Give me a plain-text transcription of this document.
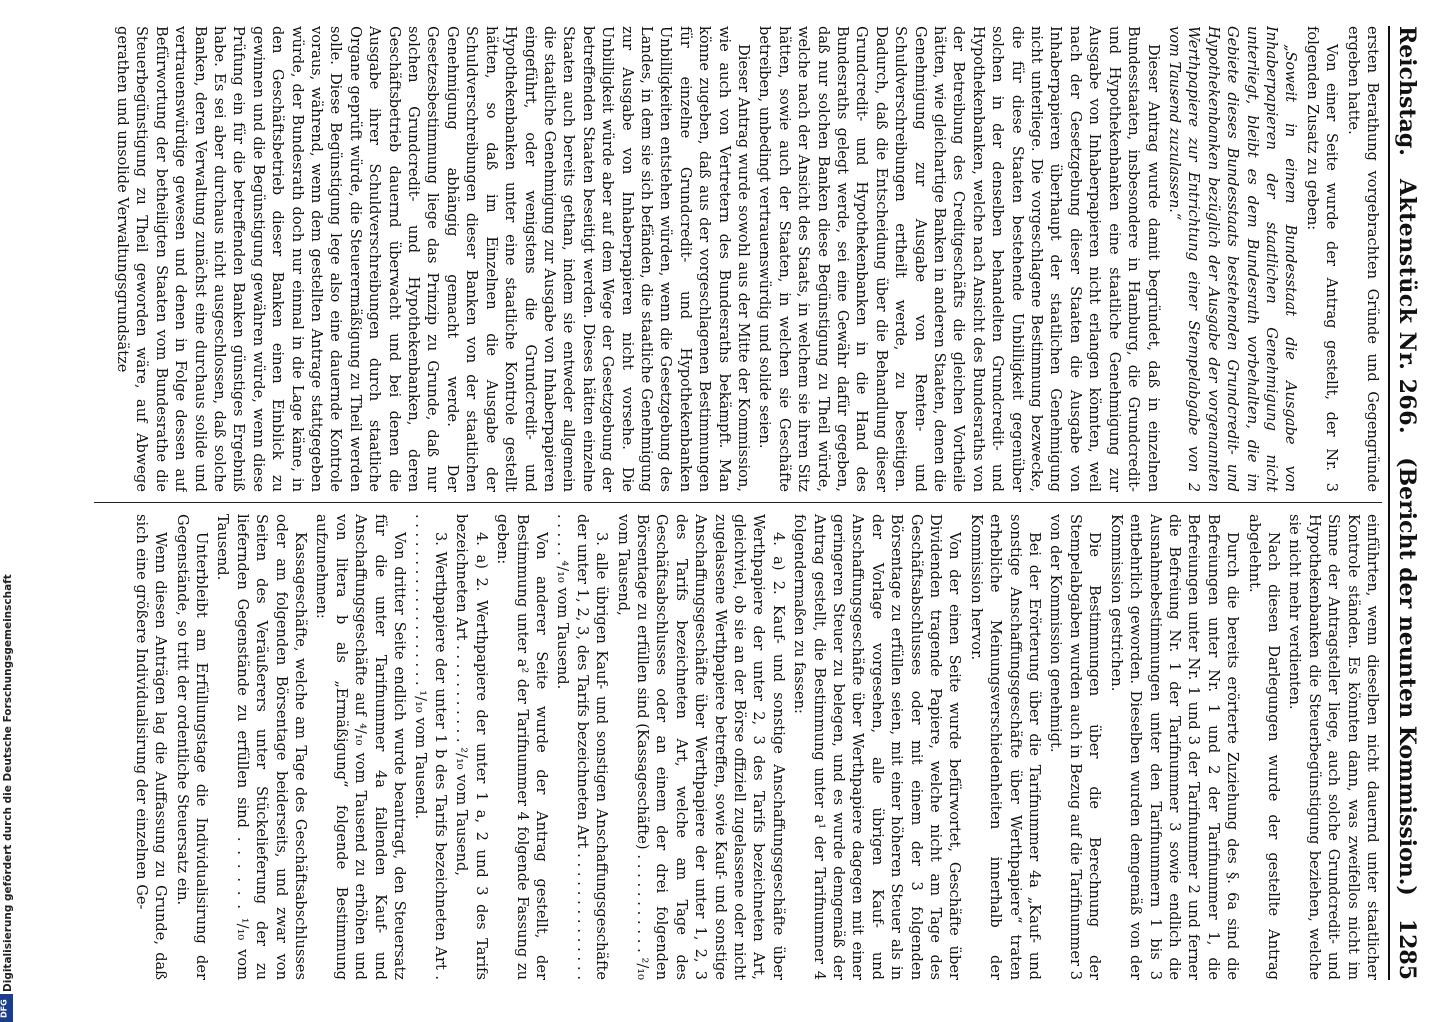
Reichstag.
Aktenstück Nr. 266.
(Bericht der neunten Kommission.)
1285

ersten Berathung vorgebrachten Gründe und Gegengründe ergeben hatte.

Von einer Seite wurde der Antrag gestellt, der Nr. 3 folgenden Zusatz zu geben:

„Soweit in einem Bundesstaat die Ausgabe von Inhaberpapieren der staatlichen Genehmigung nicht unterliegt, bleibt es dem Bundesrath vorbehalten, die im Gebiete dieses Bundesstaats bestehenden Grundcredit- und Hypothekenbanken bezüglich der Ausgabe der vorgenannten Werthpapiere zur Entrichtung einer Stempelabgabe von 2 vom Tausend zuzulassen.“

Dieser Antrag wurde damit begründet, daß in einzelnen Bundesstaaten, insbesondere in Hamburg, die Grundcredit- und Hypothekenbanken eine staatliche Genehmigung zur Ausgabe von Inhaberpapieren nicht erlangen könnten, weil nach der Gesetzgebung dieser Staaten die Ausgabe von Inhaberpapieren überhaupt der staatlichen Genehmigung nicht unterliege. Die vorgeschlagene Bestimmung bezwecke, die für diese Staaten bestehende Unbilligkeit gegenüber solchen in der denselben behandelten Grundcredit- und Hypothekenbanken, welche nach Ansicht des Bundesraths von der Betreibung des Creditgeschäfts die gleichen Vortheile hätten, wie gleichartige Banken in anderen Staaten, denen die Genehmigung zur Ausgabe von Renten- und Schuldverschreibungen ertheilt werde, zu beseitigen. Dadurch, daß die Entscheidung über die Behandlung dieser Grundcredit- und Hypothekenbanken in die Hand des Bundesraths gelegt werde, sei eine Gewähr dafür gegeben, daß nur solchen Banken diese Begünstigung zu Theil würde, welche nach der Ansicht des Staats, in welchem sie ihren Sitz hätten, sowie auch der Staaten, in welchen sie Geschäfte betreiben, unbedingt vertrauenswürdig und solide seien.

Dieser Antrag wurde sowohl aus der Mitte der Kommission, wie auch von Vertretern des Bundesraths bekämpft. Man könne zugeben, daß aus der vorgeschlagenen Bestimmungen für einzelne Grundcredit- und Hypothekenbanken Unbilligkeiten entstehen würden, wenn die Gesetzgebung des Landes, in dem sie sich befänden, die staatliche Genehmigung zur Ausgabe von Inhaberpapieren nicht vorsehe. Die Unbilligkeit würde aber auf dem Wege der Gesetzgebung der betreffenden Staaten beseitigt werden. Dieses hätten einzelne Staaten auch bereits gethan, indem sie entweder allgemein die staatliche Genehmigung zur Ausgabe von Inhaberpapieren eingeführt, oder wenigstens die Grundcredit- und Hypothekenbanken unter eine staatliche Kontrole gestellt hätten, so daß im Einzelnen die Ausgabe der Schuldverschreibungen dieser Banken von der staatlichen Genehmigung abhängig gemacht werde. Der Gesetzesbestimmung liege das Prinzip zu Grunde, daß nur solchen Grundcredit- und Hypothekenbanken, deren Geschäftsbetrieb dauernd überwacht und bei denen die Ausgabe ihrer Schuldverschreibungen durch staatliche Organe geprüft würde, die Steuerermäßigung zu Theil werden solle. Diese Begünstigung lege also eine dauernde Kontrole voraus, während, wenn dem gestellten Antrage stattgegeben würde, der Bundesrath doch nur einmal in die Lage käme, in den Geschäftsbetrieb dieser Banken einen Einblick zu gewinnen und die Begünstigung gewähren würde, wenn diese Prüfung ein für die betreffenden Banken günstiges Ergebniß habe. Es sei aber durchaus nicht ausgeschlossen, daß solche Banken, deren Verwaltung zunächst eine durchaus solide und vertrauenswürdige gewesen und denen in Folge dessen auf Befürwortung der betheiligten Staaten vom Bundesrathe die Steuerbegünstigung zu Theil geworden wäre, auf Abwege gerathen und unsolide Verwaltungsgrundsätze

einführten, wenn dieselben nicht dauernd unter staatlicher Kontrole ständen. Es könnten dann, was zweifellos nicht im Sinne der Antragsteller liege, auch solche Grundcredit- und Hypothekenbanken die Steuerbegünstigung beziehen, welche sie nicht mehr verdienten.

Nach diesen Darlegungen wurde der gestellte Antrag abgelehnt.

Durch die bereits erörterte Zuziehung des §. 6a sind die Befreiungen unter Nr. 1 und 2 der Tarifnummer 1, die Befreiungen unter Nr. 1 und 3 der Tarifnummer 2 und ferner die Befreiung Nr. 1 der Tarifnummer 3 sowie endlich die Ausnahmebestimmungen unter den Tarifnummern 1 bis 3 entbehrlich geworden. Dieselben wurden demgemäß von der Kommission gestrichen.

Die Bestimmungen über die Berechnung der Stempelabgaben wurden auch in Bezug auf die Tarifnummer 3 von der Kommission genehmigt.

Bei der Erörterung über die Tarifnummer 4a „Kauf- und sonstige Anschaffungsgeschäfte über Werthpapiere“ traten erhebliche Meinungsverschiedenheiten innerhalb der Kommission hervor.

Von der einen Seite wurde befürwortet, Geschäfte über Dividenden tragende Papiere, welche nicht am Tage des Geschäftsabschlusses oder mit einem der 3 folgenden Börsentage zu erfüllen seien, mit einer höheren Steuer als in der Vorlage vorgesehen, alle übrigen Kauf- und Anschaffungsgeschäfte über Werthpapiere dagegen mit einer geringeren Steuer zu belegen, und es wurde demgemäß der Antrag gestellt, die Bestimmung unter a¹ der Tarifnummer 4 folgendermaßen zu fassen:

4. a) 2. Kauf- und sonstige Anschaffungsgeschäfte über Werthpapiere der unter 2, 3 des Tarifs bezeichneten Art, gleichviel, ob sie an der Börse offiziell zugelassene oder nicht zugelassene Werthpapiere betreffen, sowie Kauf- und sonstige Anschaffungsgeschäfte über Werthpapiere der unter 1, 2, 3 des Tarifs bezeichneten Art, welche am Tage des Geschäftsabschlusses oder an einem der drei folgenden Börsentage zu erfüllen sind (Kassageschäfte) . . . . . . . . . . . ²/₁₀ vom Tausend,

3. alle übrigen Kauf- und sonstigen Anschaffungsgeschäfte der unter 1, 2, 3, des Tarifs bezeichneten Art . . . . . . . . . . . . . . . . . . . ⁴/₁₀ vom Tausend.

Von anderer Seite wurde der Antrag gestellt, der Bestimmung unter a² der Tarifnummer 4 folgende Fassung zu geben:

4. a) 2. Werthpapiere der unter 1 a, 2 und 3 des Tarifs bezeichneten Art . . . . . . . . . . . ²/₁₀ vom Tausend,

3. Werthpapiere der unter 1 b des Tarifs bezeichneten Art . . . . . . . . . . . . . . . . . . . . ¹/₁₀ vom Tausend.

Von dritter Seite endlich wurde beantragt, den Steuersatz für die unter Tarifnummer 4a fallenden Kauf- und Anschaffungsgeschäfte auf ⁴/₁₀ vom Tausend zu erhöhen und von litera b als „Ermäßigung“ folgende Bestimmung aufzunehmen:

Kassageschäfte, welche am Tage des Geschäftsabschlusses oder am folgenden Börsentage beiderseits, und zwar von Seiten des Veräußerers unter Stückelieferung der zu liefernden Gegenstände zu erfüllen sind . . . . . . ¹/₁₀ vom Tausend.

Unterbleibt am Erfüllungstage die Individualisirung der Gegenstände, so tritt der ordentliche Steuersatz ein.

Wenn diesen Anträgen lag die Auffassung zu Grunde, daß sich eine größere Individualisirung der einzelnen Ge-

Digitalisierung gefördert durch die Deutsche Forschungsgemeinschaft
DFG
